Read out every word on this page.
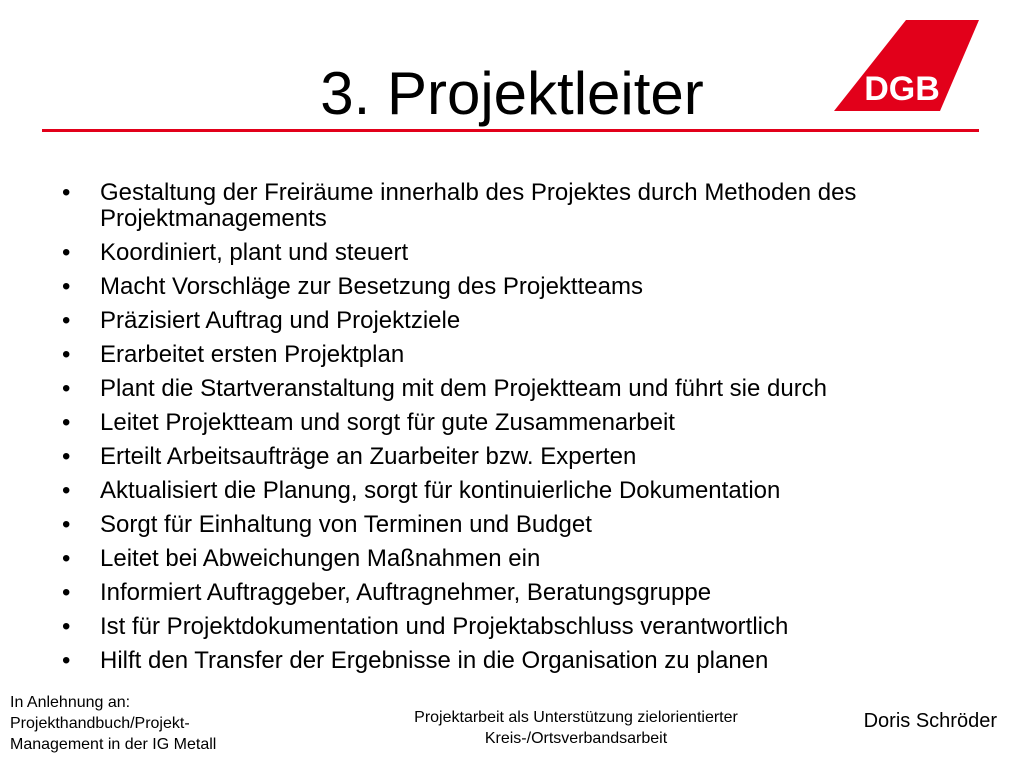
3. Projektleiter	DGB
•	Gestaltung der Freiräume innerhalb des Projektes durch Methoden des Projektmanagements
•	Koordiniert, plant und steuert
•	Macht Vorschläge zur Besetzung des Projektteams
•	Präzisiert Auftrag und Projektziele
•	Erarbeitet ersten Projektplan
•	Plant die Startveranstaltung mit dem Projektteam und führt sie durch
•	Leitet Projektteam und sorgt für gute Zusammenarbeit
•	Erteilt Arbeitsaufträge an Zuarbeiter bzw. Experten
•	Aktualisiert die Planung, sorgt für kontinuierliche Dokumentation
•	Sorgt für Einhaltung von Terminen und Budget
•	Leitet bei Abweichungen Maßnahmen ein
•	Informiert Auftraggeber, Auftragnehmer, Beratungsgruppe
•	Ist für Projektdokumentation und Projektabschluss verantwortlich
•	Hilft den Transfer der Ergebnisse in die Organisation zu planen
In Anlehnung an:
Projekthandbuch/Projekt-
Management in der IG Metall
Projektarbeit als Unterstützung zielorientierter
Kreis-/Ortsverbandsarbeit
Doris Schröder
